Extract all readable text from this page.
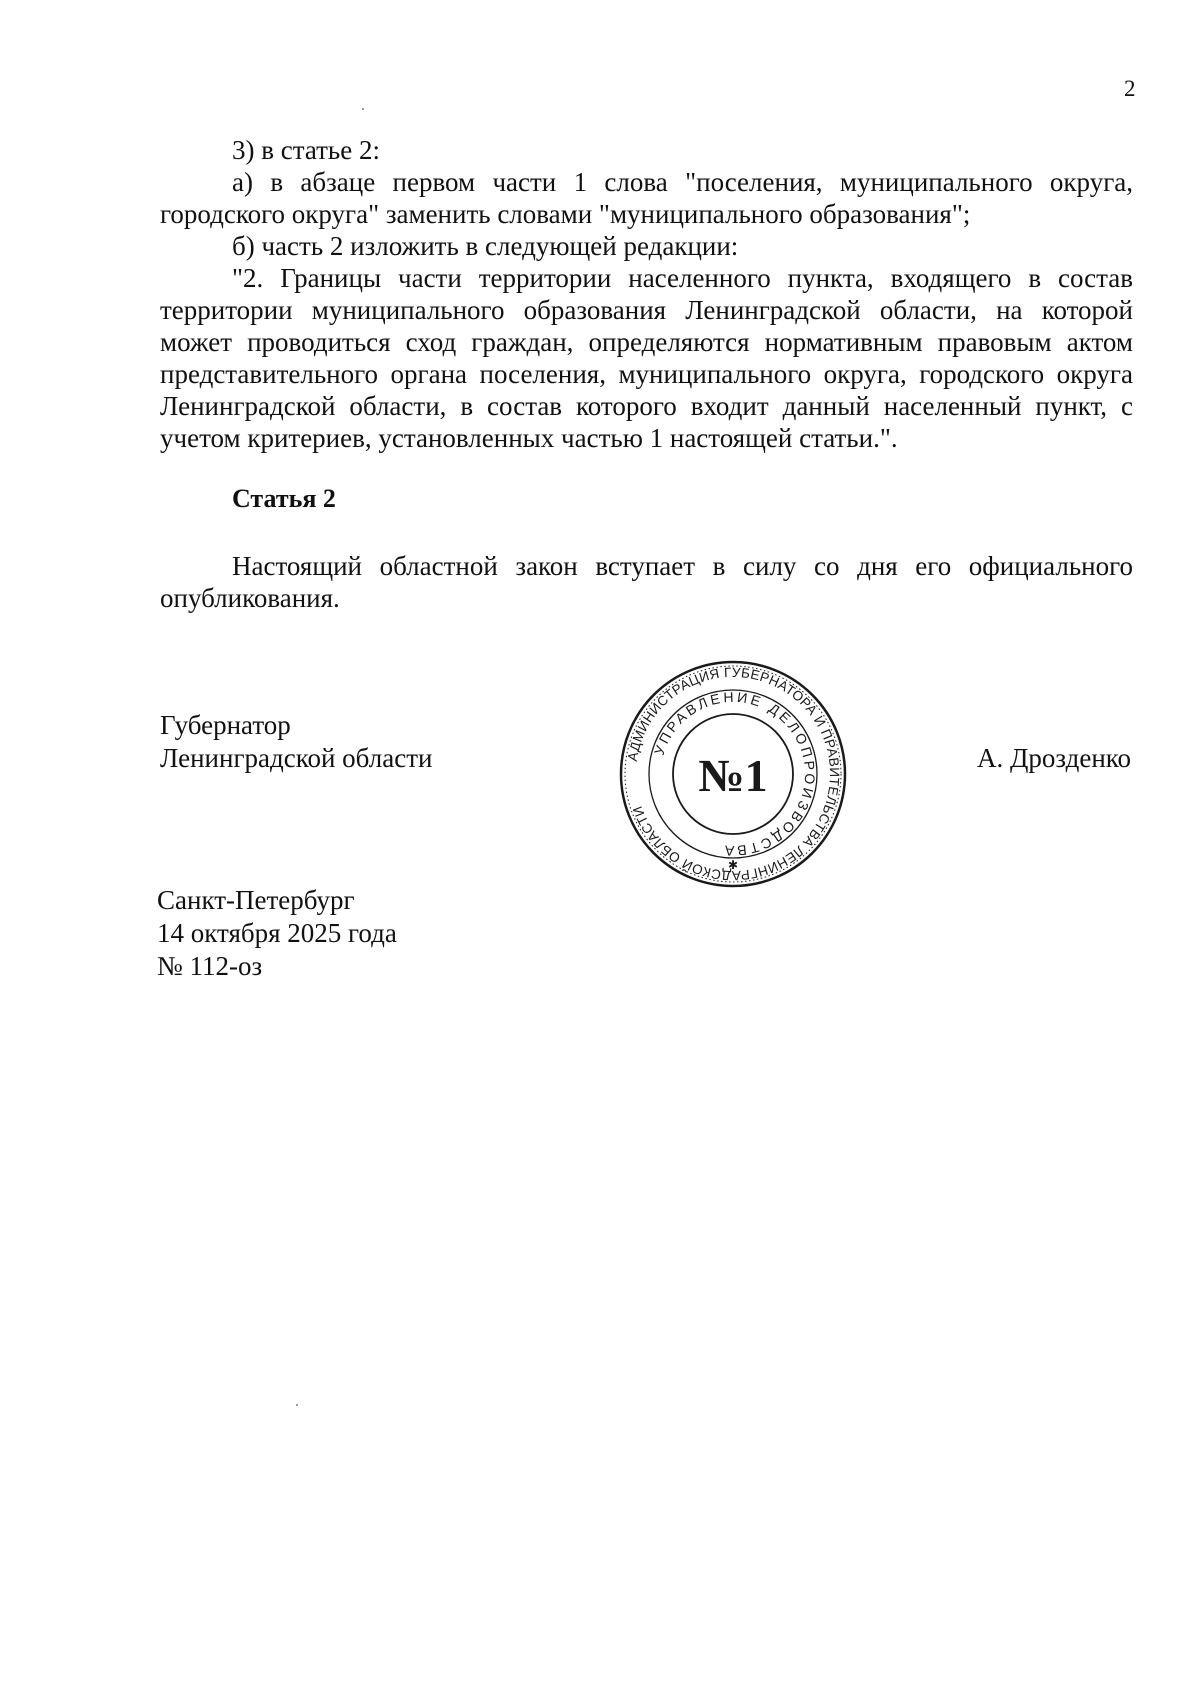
2

3) в статье 2:

а) в абзаце первом части 1 слова "поселения, муниципального округа, городского округа" заменить словами "муниципального образования";

б) часть 2 изложить в следующей редакции:

"2. Границы части территории населенного пункта, входящего в состав территории муниципального образования Ленинградской области, на которой может проводиться сход граждан, определяются нормативным правовым актом представительного органа поселения, муниципального округа, городского округа Ленинградской области, в состав которого входит данный населенный пункт, с учетом критериев, установленных частью 1 настоящей статьи.".

Статья 2

Настоящий областной закон вступает в силу со дня его официального опубликования.

Губернатор
Ленинградской области	АДМИНИСТРАЦИЯ ГУБЕРНАТОРА И ПРАВИТЕЛЬСТВА ЛЕНИНГРАДСКОЙ ОБЛАСТИ
УПРАВЛЕНИЕ ДЕЛОПРОИЗВОДСТВА
№1
✱
А. Дрозденко
Санкт-Петербург
14 октября 2025 года
№ 112-оз
